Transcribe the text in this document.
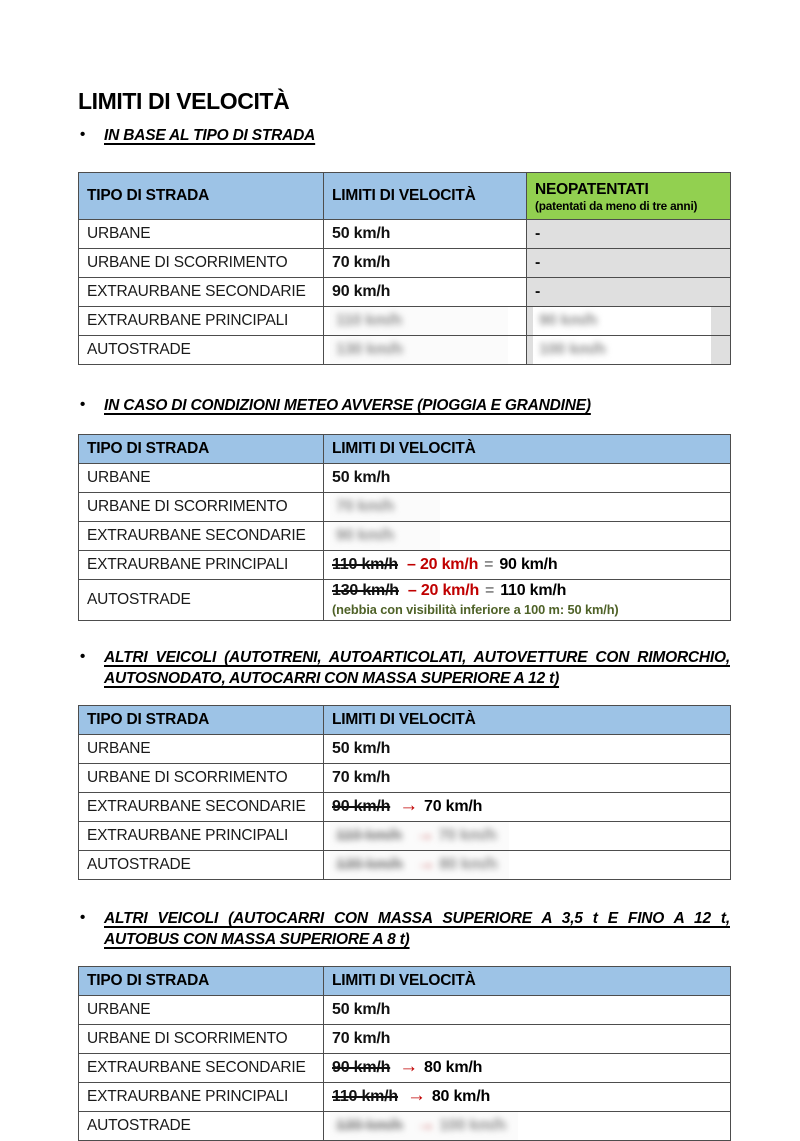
LIMITI DI VELOCITÀ
•	IN BASE AL TIPO DI STRADA
TIPO DI STRADA	LIMITI DI VELOCITÀ	NEOPATENTATI
(patentati da meno di tre anni)

URBANE	50 km/h	-
URBANE DI SCORRIMENTO	70 km/h	-
EXTRAURBANE SECONDARIE	90 km/h	-
EXTRAURBANE PRINCIPALI	110 km/h	90 km/h
AUTOSTRADE	130 km/h	100 km/h
•	IN CASO DI CONDIZIONI METEO AVVERSE (PIOGGIA E GRANDINE)
TIPO DI STRADA	LIMITI DI VELOCITÀ
URBANE	50 km/h
URBANE DI SCORRIMENTO	70 km/h
EXTRAURBANE SECONDARIE	90 km/h
EXTRAURBANE PRINCIPALI	110 km/h – 20 km/h = 90 km/h
AUTOSTRADE	130 km/h – 20 km/h = 110 km/h
(nebbia con visibilità inferiore a 100 m: 50 km/h)
•	ALTRI VEICOLI (AUTOTRENI, AUTOARTICOLATI, AUTOVETTURE CON RIMORCHIO,
AUTOSNODATO, AUTOCARRI CON MASSA SUPERIORE A 12 t)
TIPO DI STRADA	LIMITI DI VELOCITÀ
URBANE	50 km/h
URBANE DI SCORRIMENTO	70 km/h
EXTRAURBANE SECONDARIE	90 km/h → 70 km/h
EXTRAURBANE PRINCIPALI	110 km/h → 70 km/h
AUTOSTRADE	130 km/h → 80 km/h
•	ALTRI VEICOLI (AUTOCARRI CON MASSA SUPERIORE A 3,5 t E FINO A 12 t,
AUTOBUS CON MASSA SUPERIORE A 8 t)
TIPO DI STRADA	LIMITI DI VELOCITÀ
URBANE	50 km/h
URBANE DI SCORRIMENTO	70 km/h
EXTRAURBANE SECONDARIE	90 km/h → 80 km/h
EXTRAURBANE PRINCIPALI	110 km/h → 80 km/h
AUTOSTRADE	130 km/h → 100 km/h
